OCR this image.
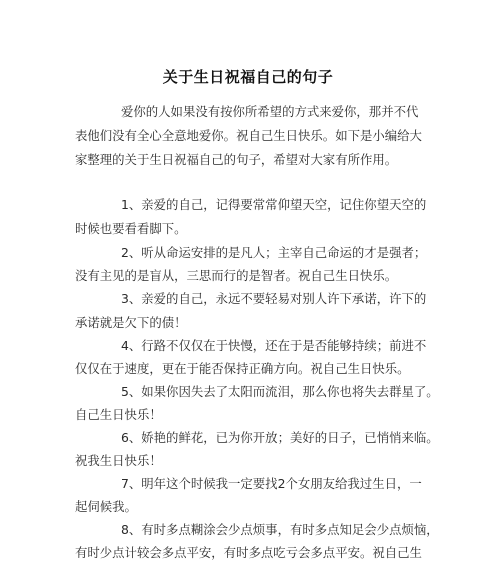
关于生日祝福自己的句子
爱你的人如果没有按你所希望的方式来爱你，那并不代
表他们没有全心全意地爱你。祝自己生日快乐。如下是小编给大
家整理的关于生日祝福自己的句子，希望对大家有所作用。
1、亲爱的自己，记得要常常仰望天空，记住你望天空的
时候也要看看脚下。
2、听从命运安排的是凡人；主宰自己命运的才是强者；
没有主见的是盲从，三思而行的是智者。祝自己生日快乐。
3、亲爱的自己，永远不要轻易对别人许下承诺，许下的
承诺就是欠下的债！
4、行路不仅仅在于快慢，还在于是否能够持续；前进不
仅仅在于速度，更在于能否保持正确方向。祝自己生日快乐。
5、如果你因失去了太阳而流泪，那么你也将失去群星了。
自己生日快乐！
6、娇艳的鲜花，已为你开放；美好的日子，已悄悄来临。
祝我生日快乐！
7、明年这个时候我一定要找2个女朋友给我过生日，一
起伺候我。
8、有时多点糊涂会少点烦事，有时多点知足会少点烦恼，
有时少点计较会多点平安，有时多点吃亏会多点平安。祝自己生
